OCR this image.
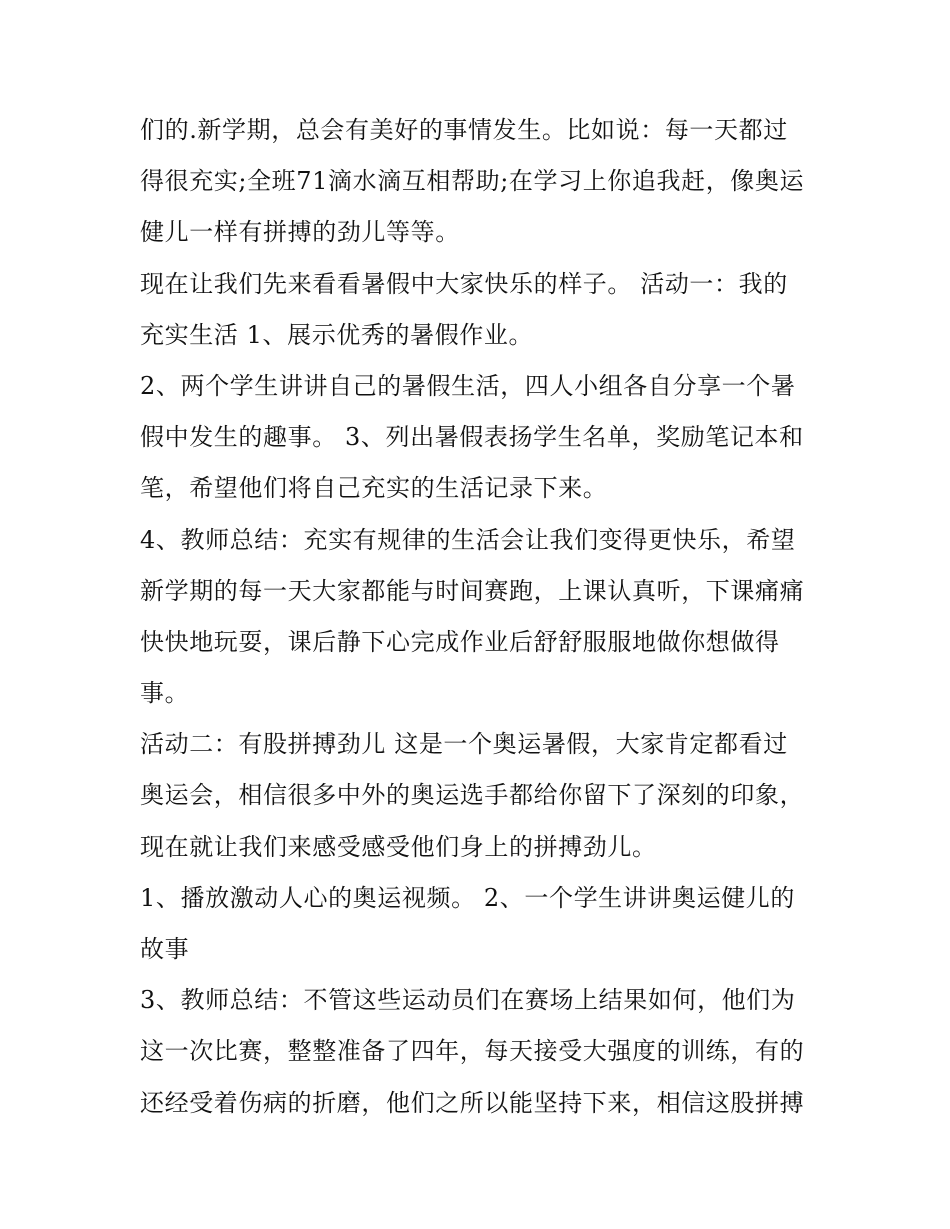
们的.新学期，总会有美好的事情发生。比如说：每一天都过
得很充实;全班71滴水滴互相帮助;在学习上你追我赶，像奥运
健儿一样有拼搏的劲儿等等。
现在让我们先来看看暑假中大家快乐的样子。 活动一：我的
充实生活 1、展示优秀的暑假作业。
2、两个学生讲讲自己的暑假生活，四人小组各自分享一个暑
假中发生的趣事。 3、列出暑假表扬学生名单，奖励笔记本和
笔，希望他们将自己充实的生活记录下来。
4、教师总结：充实有规律的生活会让我们变得更快乐，希望
新学期的每一天大家都能与时间赛跑，上课认真听，下课痛痛
快快地玩耍，课后静下心完成作业后舒舒服服地做你想做得
事。
活动二：有股拼搏劲儿 这是一个奥运暑假，大家肯定都看过
奥运会，相信很多中外的奥运选手都给你留下了深刻的印象，
现在就让我们来感受感受他们身上的拼搏劲儿。
1、播放激动人心的奥运视频。 2、一个学生讲讲奥运健儿的
故事
3、教师总结：不管这些运动员们在赛场上结果如何，他们为
这一次比赛，整整准备了四年，每天接受大强度的训练，有的
还经受着伤病的折磨，他们之所以能坚持下来，相信这股拼搏
